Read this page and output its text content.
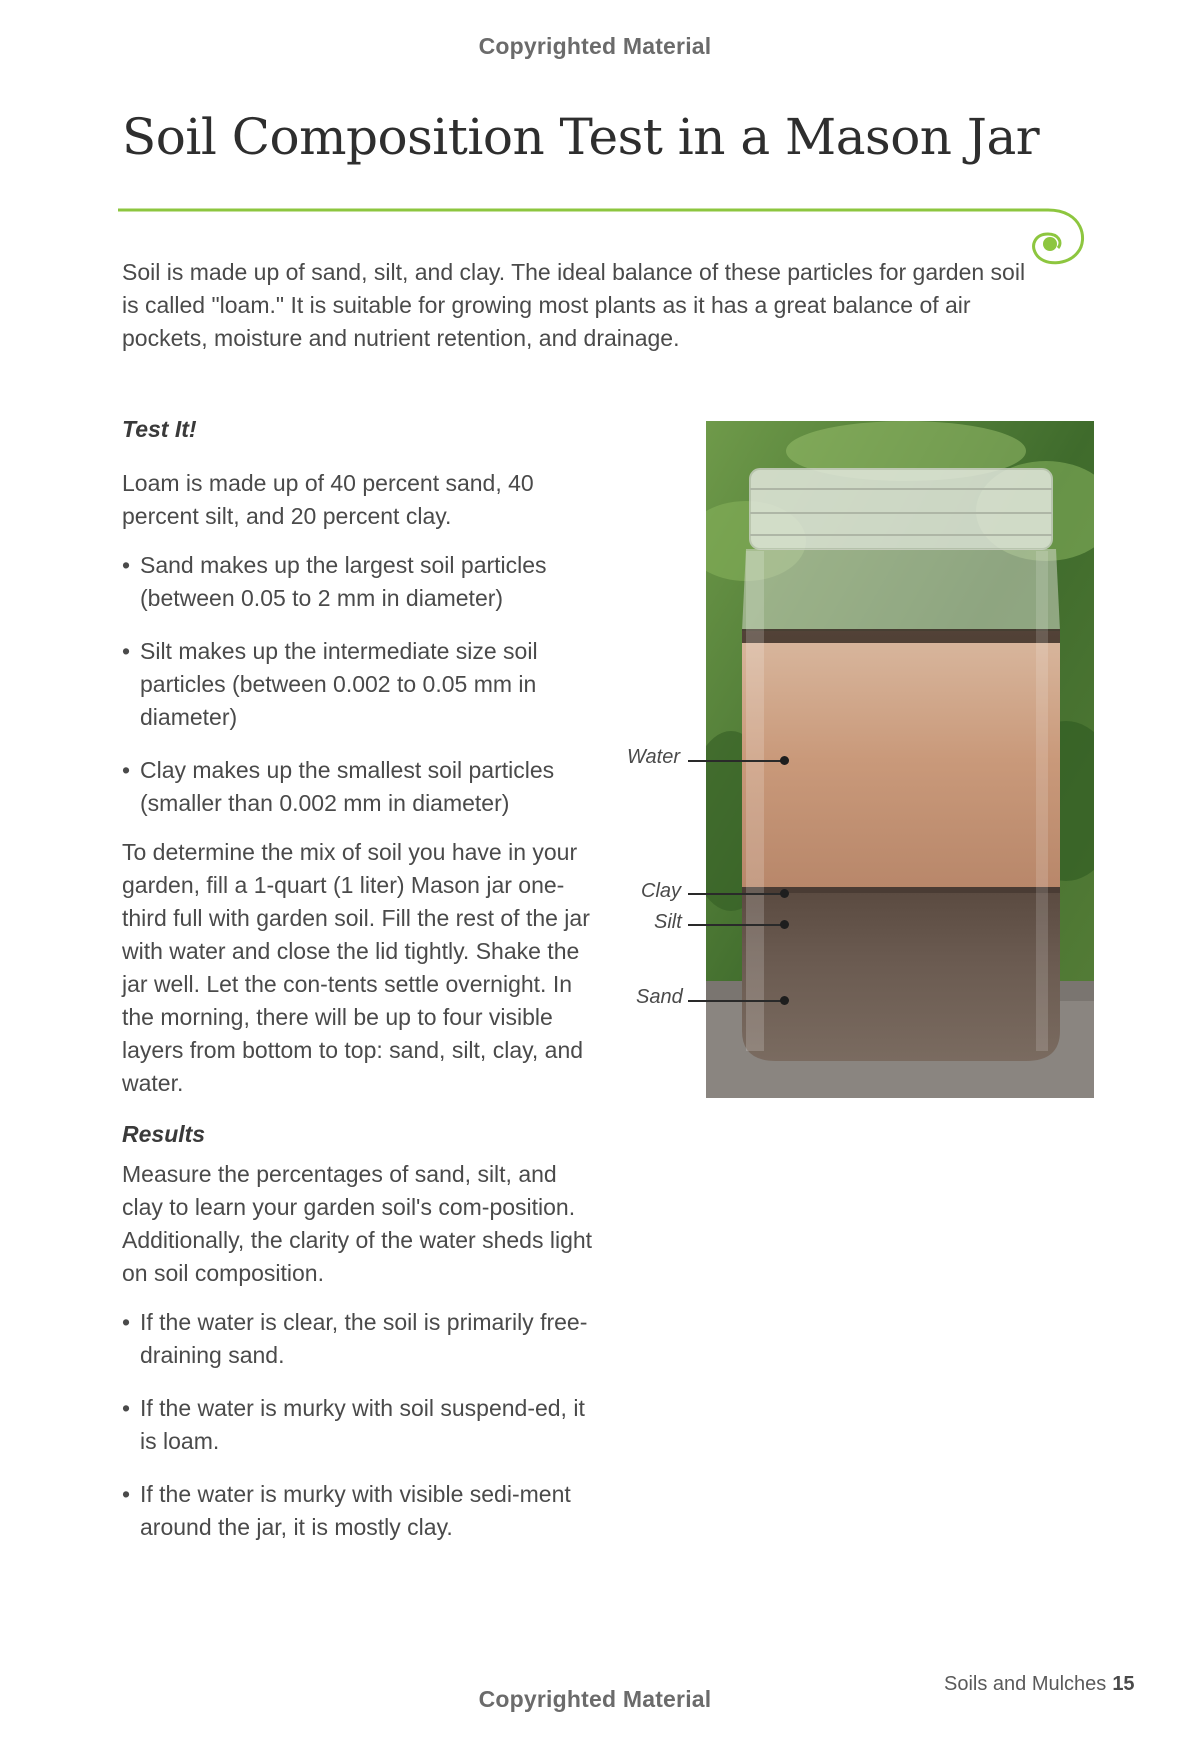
Copyrighted Material
Soil Composition Test in a Mason Jar

Soil is made up of sand, silt, and clay. The ideal balance of these particles for garden soil is called "loam." It is suitable for growing most plants as it has a great balance of air pockets, moisture and nutrient retention, and drainage.

Test It!

Loam is made up of 40 percent sand, 40 percent silt, and 20 percent clay.

• Sand makes up the largest soil particles (between 0.05 to 2 mm in diameter)
• Silt makes up the intermediate size soil particles (between 0.002 to 0.05 mm in diameter)
• Clay makes up the smallest soil particles (smaller than 0.002 mm in diameter)

To determine the mix of soil you have in your garden, fill a 1-quart (1 liter) Mason jar one-third full with garden soil. Fill the rest of the jar with water and close the lid tightly. Shake the jar well. Let the con-tents settle overnight. In the morning, there will be up to four visible layers from bottom to top: sand, silt, clay, and water.

Results

Measure the percentages of sand, silt, and clay to learn your garden soil's com-position. Additionally, the clarity of the water sheds light on soil composition.

• If the water is clear, the soil is primarily free-draining sand.
• If the water is murky with soil suspend-ed, it is loam.
• If the water is murky with visible sedi-ment around the jar, it is mostly clay.
Water
Clay
Silt
Sand
Soils and Mulches 15
Copyrighted Material
